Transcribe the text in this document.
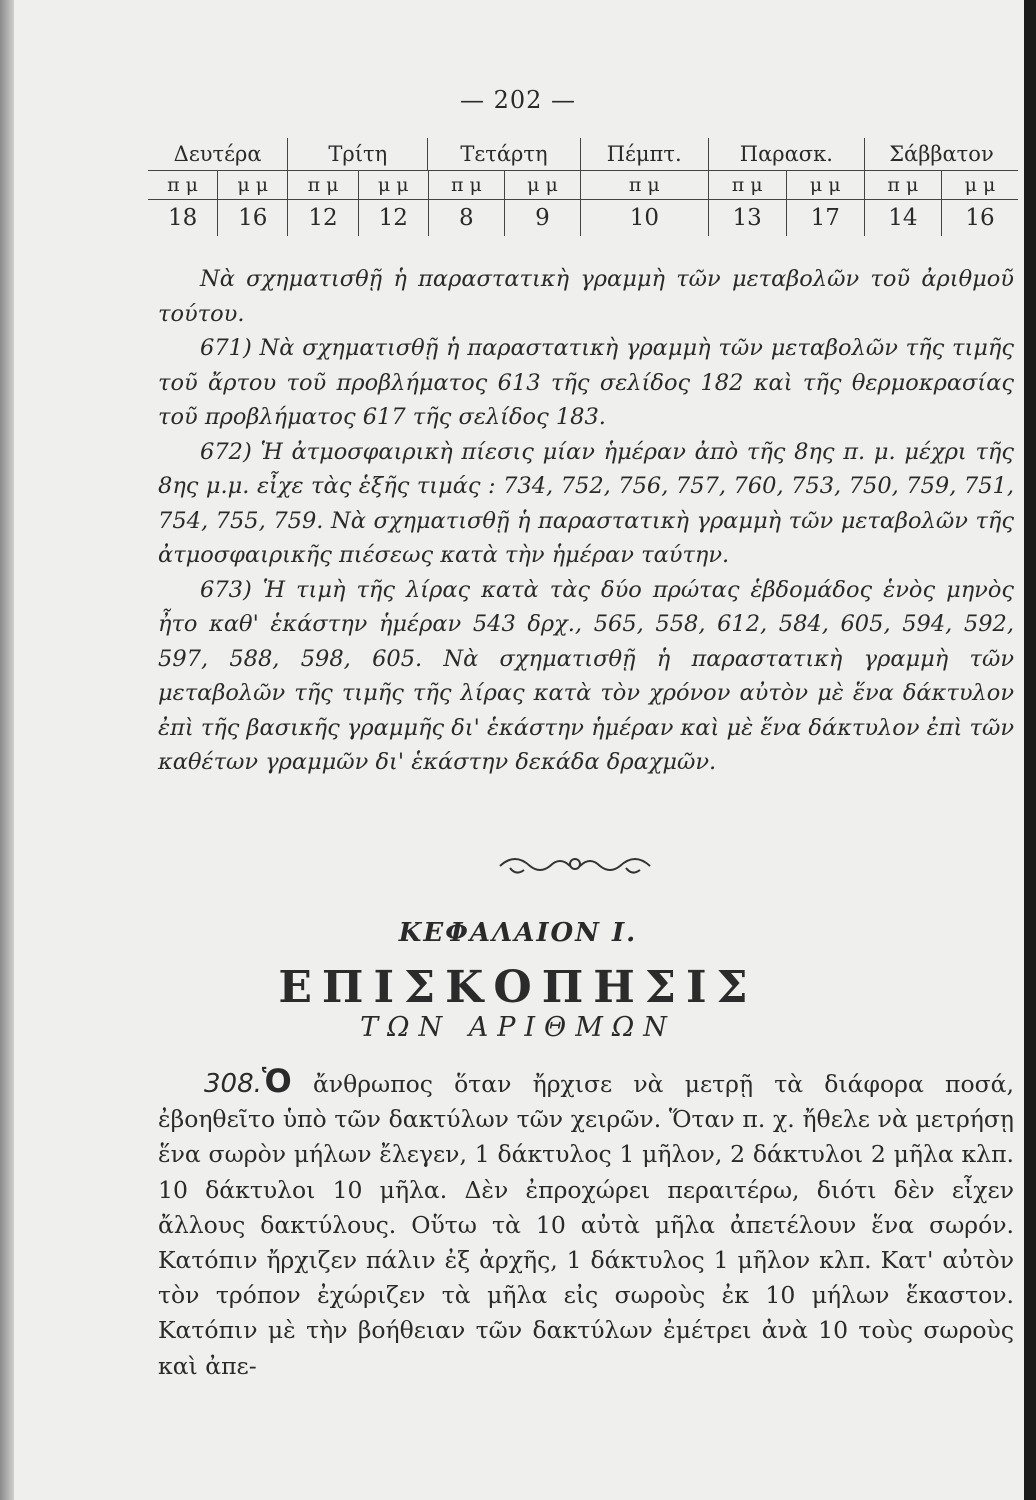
— 202 —
Δευτέρα	Τρίτη	Τετάρτη	Πέμπτ.	Παρασκ.	Σάββατον
π μ	μ μ	π μ	μ μ	π μ	μ μ	π μ	π μ	μ μ	π μ	μ μ
18	16	12	12	8	9	10	13	17	14	16

Νὰ σχηματισθῇ ἡ παραστατικὴ γραμμὴ τῶν μεταβολῶν τοῦ ἀριθμοῦ τούτου.

671) Νὰ σχηματισθῇ ἡ παραστατικὴ γραμμὴ τῶν μεταβολῶν τῆς τιμῆς τοῦ ἄρτου τοῦ προβλήματος 613 τῆς σελίδος 182 καὶ τῆς θερμοκρασίας τοῦ προβλήματος 617 τῆς σελίδος 183.

672) Ἡ ἀτμοσφαιρικὴ πίεσις μίαν ἡμέραν ἀπὸ τῆς 8ης π. μ. μέχρι τῆς 8ης μ.μ. εἶχε τὰς ἑξῆς τιμάς : 734, 752, 756, 757, 760, 753, 750, 759, 751, 754, 755, 759. Νὰ σχηματισθῇ ἡ παραστατικὴ γραμμὴ τῶν μεταβολῶν τῆς ἀτμοσφαιρικῆς πιέσεως κατὰ τὴν ἡμέραν ταύτην.

673) Ἡ τιμὴ τῆς λίρας κατὰ τὰς δύο πρώτας ἑβδομάδος ἑνὸς μηνὸς ἦτο καθ' ἑκάστην ἡμέραν 543 δρχ., 565, 558, 612, 584, 605, 594, 592, 597, 588, 598, 605. Νὰ σχηματισθῇ ἡ παραστατικὴ γραμμὴ τῶν μεταβολῶν τῆς τιμῆς τῆς λίρας κατὰ τὸν χρόνον αὐτὸν μὲ ἕνα δάκτυλον ἐπὶ τῆς βασικῆς γραμμῆς δι' ἑκάστην ἡμέραν καὶ μὲ ἕνα δάκτυλον ἐπὶ τῶν καθέτων γραμμῶν δι' ἑκάστην δεκάδα δραχμῶν.

ΚΕΦΑΛΑΙΟΝ Ι.
ΕΠΙΣΚΟΠΗΣΙΣ
ΤΩΝ ΑΡΙΘΜΩΝ

308.Ὁ ἄνθρωπος ὅταν ἤρχισε νὰ μετρῇ τὰ διάφορα ποσά, ἐβοηθεῖτο ὑπὸ τῶν δακτύλων τῶν χειρῶν. Ὅταν π. χ. ἤθελε νὰ μετρήσῃ ἕνα σωρὸν μήλων ἔλεγεν, 1 δάκτυλος 1 μῆλον, 2 δάκτυλοι 2 μῆλα κλπ. 10 δάκτυλοι 10 μῆλα. Δὲν ἐπροχώρει περαιτέρω, διότι δὲν εἶχεν ἄλλους δακτύλους. Οὕτω τὰ 10 αὐτὰ μῆλα ἀπετέλουν ἕνα σωρόν. Κατόπιν ἤρχιζεν πάλιν ἐξ ἀρχῆς, 1 δάκτυλος 1 μῆλον κλπ. Κατ' αὐτὸν τὸν τρόπον ἐχώριζεν τὰ μῆλα εἰς σωροὺς ἐκ 10 μήλων ἕκαστον. Κατόπιν μὲ τὴν βοήθειαν τῶν δακτύλων ἐμέτρει ἀνὰ 10 τοὺς σωροὺς καὶ ἀπε-
